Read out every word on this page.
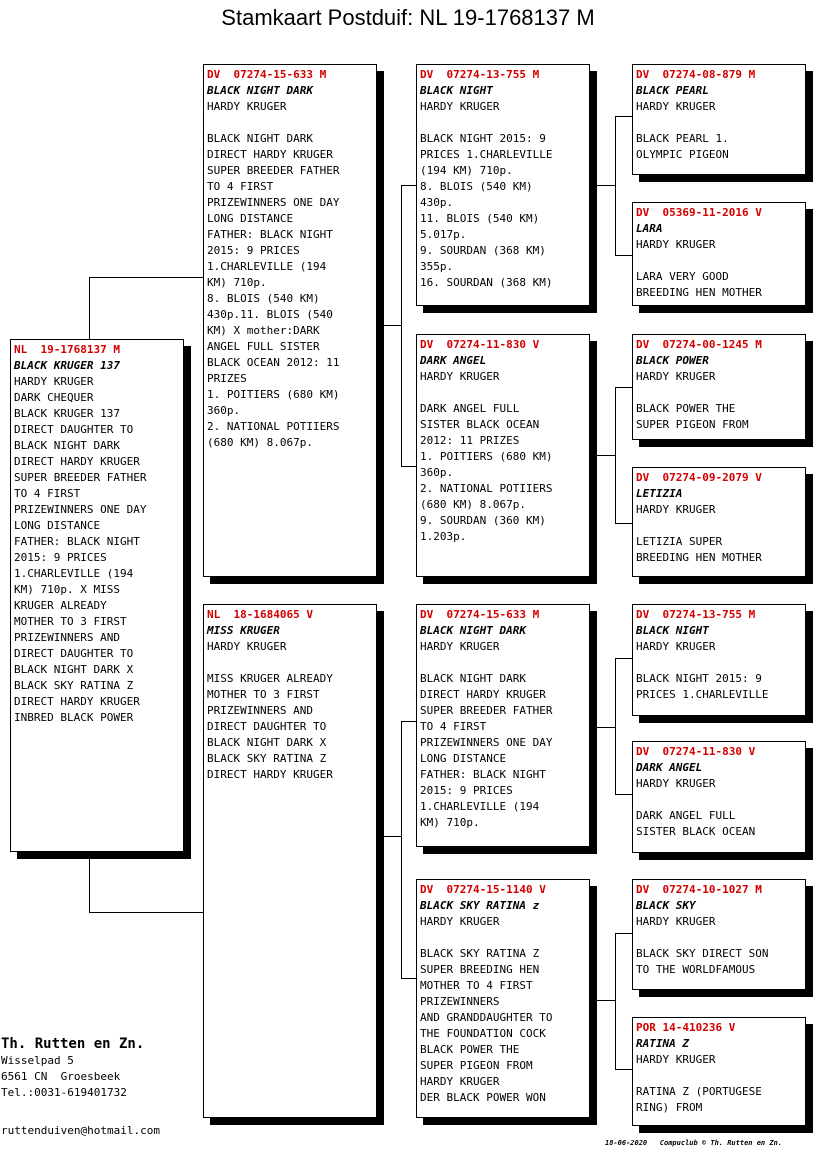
Stamkaart Postduif: NL 19-1768137 M
NL  19-1768137 M
BLACK KRUGER 137
HARDY KRUGER
DARK CHEQUER
BLACK KRUGER 137
DIRECT DAUGHTER TO
BLACK NIGHT DARK
DIRECT HARDY KRUGER
SUPER BREEDER FATHER
TO 4 FIRST
PRIZEWINNERS ONE DAY
LONG DISTANCE
FATHER: BLACK NIGHT
2015: 9 PRICES
1.CHARLEVILLE (194
KM) 710p. X MISS
KRUGER ALREADY
MOTHER TO 3 FIRST
PRIZEWINNERS AND
DIRECT DAUGHTER TO
BLACK NIGHT DARK X
BLACK SKY RATINA Z
DIRECT HARDY KRUGER
INBRED BLACK POWER
DV  07274-15-633 M
BLACK NIGHT DARK
HARDY KRUGER
BLACK NIGHT DARK
DIRECT HARDY KRUGER
SUPER BREEDER FATHER
TO 4 FIRST
PRIZEWINNERS ONE DAY
LONG DISTANCE
FATHER: BLACK NIGHT
2015: 9 PRICES
1.CHARLEVILLE (194
KM) 710p.
8. BLOIS (540 KM)
430p.11. BLOIS (540
KM) X mother:DARK
ANGEL FULL SISTER
BLACK OCEAN 2012: 11
PRIZES
1. POITIERS (680 KM)
360p.
2. NATIONAL POTIIERS
(680 KM) 8.067p.
NL  18-1684065 V
MISS KRUGER
HARDY KRUGER
MISS KRUGER ALREADY
MOTHER TO 3 FIRST
PRIZEWINNERS AND
DIRECT DAUGHTER TO
BLACK NIGHT DARK X
BLACK SKY RATINA Z
DIRECT HARDY KRUGER
DV  07274-13-755 M
BLACK NIGHT
HARDY KRUGER
BLACK NIGHT 2015: 9
PRICES 1.CHARLEVILLE
(194 KM) 710p.
8. BLOIS (540 KM)
430p.
11. BLOIS (540 KM)
5.017p.
9. SOURDAN (368 KM)
355p.
16. SOURDAN (368 KM)
DV  07274-11-830 V
DARK ANGEL
HARDY KRUGER
DARK ANGEL FULL
SISTER BLACK OCEAN
2012: 11 PRIZES
1. POITIERS (680 KM)
360p.
2. NATIONAL POTIIERS
(680 KM) 8.067p.
9. SOURDAN (360 KM)
1.203p.
DV  07274-15-633 M
BLACK NIGHT DARK
HARDY KRUGER
BLACK NIGHT DARK
DIRECT HARDY KRUGER
SUPER BREEDER FATHER
TO 4 FIRST
PRIZEWINNERS ONE DAY
LONG DISTANCE
FATHER: BLACK NIGHT
2015: 9 PRICES
1.CHARLEVILLE (194
KM) 710p.
DV  07274-15-1140 V
BLACK SKY RATINA z
HARDY KRUGER
BLACK SKY RATINA Z
SUPER BREEDING HEN
MOTHER TO 4 FIRST
PRIZEWINNERS
AND GRANDDAUGHTER TO
THE FOUNDATION COCK
BLACK POWER THE
SUPER PIGEON FROM
HARDY KRUGER
DER BLACK POWER WON
DV  07274-08-879 M
BLACK PEARL
HARDY KRUGER
BLACK PEARL 1.
OLYMPIC PIGEON
DV  05369-11-2016 V
LARA
HARDY KRUGER
LARA VERY GOOD
BREEDING HEN MOTHER
DV  07274-00-1245 M
BLACK POWER
HARDY KRUGER
BLACK POWER THE
SUPER PIGEON FROM
DV  07274-09-2079 V
LETIZIA
HARDY KRUGER
LETIZIA SUPER
BREEDING HEN MOTHER
DV  07274-13-755 M
BLACK NIGHT
HARDY KRUGER
BLACK NIGHT 2015: 9
PRICES 1.CHARLEVILLE
DV  07274-11-830 V
DARK ANGEL
HARDY KRUGER
DARK ANGEL FULL
SISTER BLACK OCEAN
DV  07274-10-1027 M
BLACK SKY
HARDY KRUGER
BLACK SKY DIRECT SON
TO THE WORLDFAMOUS
POR 14-410236 V
RATINA Z
HARDY KRUGER
RATINA Z (PORTUGESE
RING) FROM
Th. Rutten en Zn.
Wisselpad 5
6561 CN  Groesbeek
Tel.:0031-619401732
rutten​duiven@hotmail.com
18-06-2020   Compuclub © Th. Rutten en Zn.
